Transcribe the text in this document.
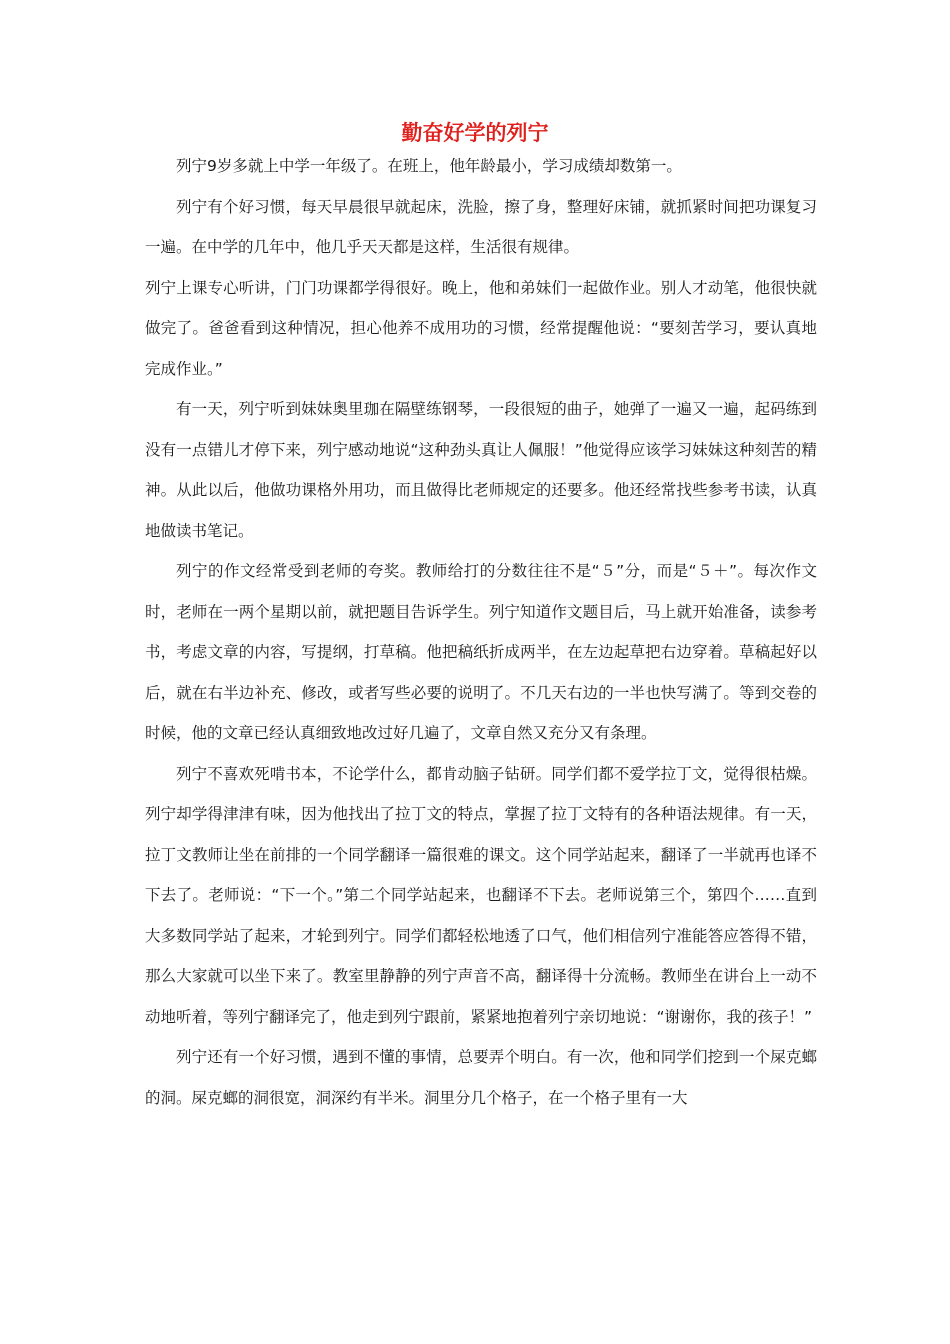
勤奋好学的列宁

列宁9岁多就上中学一年级了。在班上，他年龄最小，学习成绩却数第一。

列宁有个好习惯，每天早晨很早就起床，洗脸，擦了身，整理好床铺，就抓紧时间把功课复习一遍。在中学的几年中，他几乎天天都是这样，生活很有规律。

列宁上课专心听讲，门门功课都学得很好。晚上，他和弟妹们一起做作业。别人才动笔，他很快就做完了。爸爸看到这种情况，担心他养不成用功的习惯，经常提醒他说：“要刻苦学习，要认真地完成作业。”

有一天，列宁听到妹妹奥里珈在隔壁练钢琴，一段很短的曲子，她弹了一遍又一遍，起码练到没有一点错儿才停下来，列宁感动地说“这种劲头真让人佩服！”他觉得应该学习妹妹这种刻苦的精神。从此以后，他做功课格外用功，而且做得比老师规定的还要多。他还经常找些参考书读，认真地做读书笔记。

列宁的作文经常受到老师的夸奖。教师给打的分数往往不是“５”分，而是“５＋”。每次作文时，老师在一两个星期以前，就把题目告诉学生。列宁知道作文题目后，马上就开始准备，读参考书，考虑文章的内容，写提纲，打草稿。他把稿纸折成两半，在左边起草把右边穿着。草稿起好以后，就在右半边补充、修改，或者写些必要的说明了。不几天右边的一半也快写满了。等到交卷的时候，他的文章已经认真细致地改过好几遍了，文章自然又充分又有条理。

列宁不喜欢死啃书本，不论学什么，都肯动脑子钻研。同学们都不爱学拉丁文，觉得很枯燥。列宁却学得津津有味，因为他找出了拉丁文的特点，掌握了拉丁文特有的各种语法规律。有一天，拉丁文教师让坐在前排的一个同学翻译一篇很难的课文。这个同学站起来，翻译了一半就再也译不下去了。老师说：“下一个。”第二个同学站起来，也翻译不下去。老师说第三个，第四个……直到大多数同学站了起来，才轮到列宁。同学们都轻松地透了口气，他们相信列宁准能答应答得不错，那么大家就可以坐下来了。教室里静静的列宁声音不高，翻译得十分流畅。教师坐在讲台上一动不动地听着，等列宁翻译完了，他走到列宁跟前，紧紧地抱着列宁亲切地说：“谢谢你，我的孩子！”

列宁还有一个好习惯，遇到不懂的事情，总要弄个明白。有一次，他和同学们挖到一个屎克螂的洞。屎克螂的洞很宽，洞深约有半米。洞里分几个格子，在一个格子里有一大
